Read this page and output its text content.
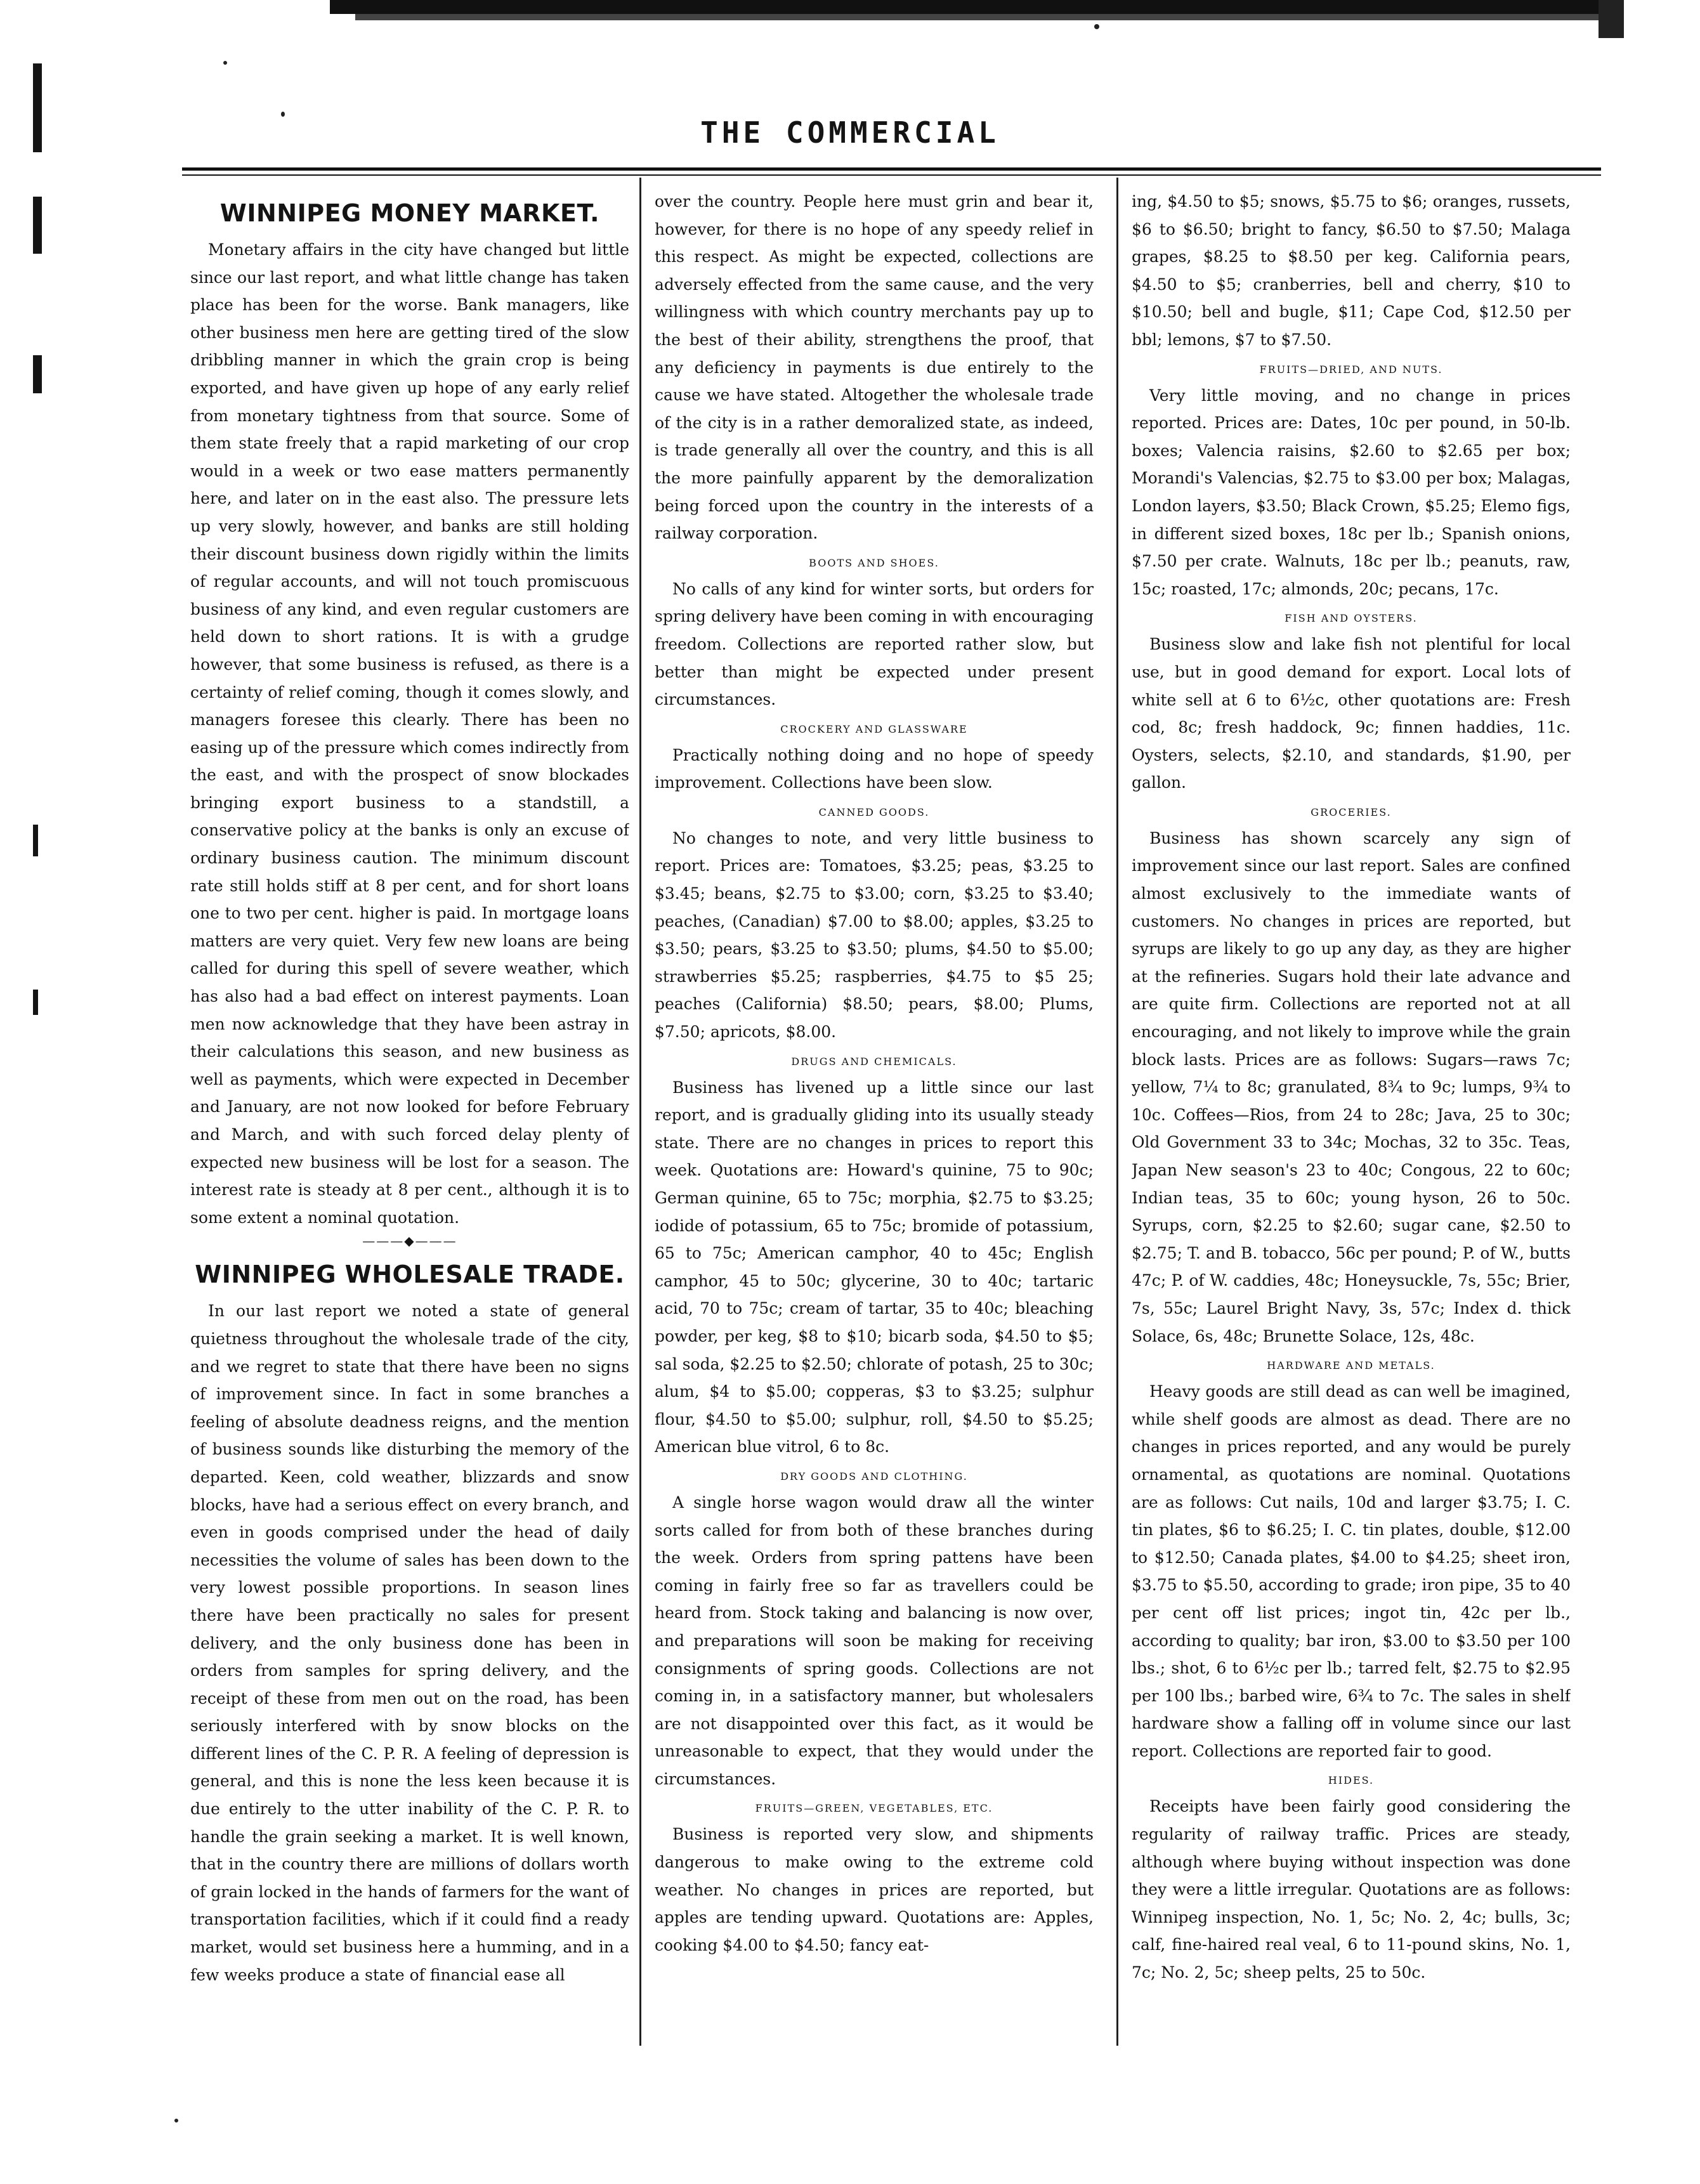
THE COMMERCIAL
WINNIPEG MONEY MARKET.

Monetary affairs in the city have changed but little since our last report, and what little change has taken place has been for the worse. Bank managers, like other business men here are getting tired of the slow dribbling manner in which the grain crop is being exported, and have given up hope of any early relief from monetary tightness from that source. Some of them state freely that a rapid marketing of our crop would in a week or two ease matters permanently here, and later on in the east also. The pressure lets up very slowly, however, and banks are still holding their discount business down rigidly within the limits of regular accounts, and will not touch promiscuous business of any kind, and even regular customers are held down to short rations. It is with a grudge however, that some business is refused, as there is a certainty of relief coming, though it comes slowly, and managers foresee this clearly. There has been no easing up of the pressure which comes indirectly from the east, and with the prospect of snow blockades bringing export business to a standstill, a conservative policy at the banks is only an excuse of ordinary business caution. The minimum discount rate still holds stiff at 8 per cent, and for short loans one to two per cent. higher is paid. In mortgage loans matters are very quiet. Very few new loans are being called for during this spell of severe weather, which has also had a bad effect on interest payments. Loan men now acknowledge that they have been astray in their calculations this season, and new business as well as payments, which were expected in December and January, are not now looked for before February and March, and with such forced delay plenty of expected new business will be lost for a season. The interest rate is steady at 8 per cent., although it is to some extent a nominal quotation.

———◆———
WINNIPEG WHOLESALE TRADE.

In our last report we noted a state of general quietness throughout the wholesale trade of the city, and we regret to state that there have been no signs of improvement since. In fact in some branches a feeling of absolute deadness reigns, and the mention of business sounds like disturbing the memory of the departed. Keen, cold weather, blizzards and snow blocks, have had a serious effect on every branch, and even in goods comprised under the head of daily necessities the volume of sales has been down to the very lowest possible proportions. In season lines there have been practically no sales for present delivery, and the only business done has been in orders from samples for spring delivery, and the receipt of these from men out on the road, has been seriously interfered with by snow blocks on the different lines of the C. P. R. A feeling of depression is general, and this is none the less keen because it is due entirely to the utter inability of the C. P. R. to handle the grain seeking a market. It is well known, that in the country there are millions of dollars worth of grain locked in the hands of farmers for the want of transportation facilities, which if it could find a ready market, would set business here a humming, and in a few weeks produce a state of financial ease all

over the country. People here must grin and bear it, however, for there is no hope of any speedy relief in this respect. As might be expected, collections are adversely effected from the same cause, and the very willingness with which country merchants pay up to the best of their ability, strengthens the proof, that any deficiency in payments is due entirely to the cause we have stated. Altogether the wholesale trade of the city is in a rather demoralized state, as indeed, is trade generally all over the country, and this is all the more painfully apparent by the demoralization being forced upon the country in the interests of a railway corporation.

BOOTS AND SHOES.

No calls of any kind for winter sorts, but orders for spring delivery have been coming in with encouraging freedom. Collections are reported rather slow, but better than might be expected under present circumstances.

CROCKERY AND GLASSWARE

Practically nothing doing and no hope of speedy improvement. Collections have been slow.

CANNED GOODS.

No changes to note, and very little business to report. Prices are: Tomatoes, $3.25; peas, $3.25 to $3.45; beans, $2.75 to $3.00; corn, $3.25 to $3.40; peaches, (Canadian) $7.00 to $8.00; apples, $3.25 to $3.50; pears, $3.25 to $3.50; plums, $4.50 to $5.00; strawberries $5.25; raspberries, $4.75 to $5 25; peaches (California) $8.50; pears, $8.00; Plums, $7.50; apricots, $8.00.

DRUGS AND CHEMICALS.

Business has livened up a little since our last report, and is gradually gliding into its usually steady state. There are no changes in prices to report this week. Quotations are: Howard's quinine, 75 to 90c; German quinine, 65 to 75c; morphia, $2.75 to $3.25; iodide of potassium, 65 to 75c; bromide of potassium, 65 to 75c; American camphor, 40 to 45c; English camphor, 45 to 50c; glycerine, 30 to 40c; tartaric acid, 70 to 75c; cream of tartar, 35 to 40c; bleaching powder, per keg, $8 to $10; bicarb soda, $4.50 to $5; sal soda, $2.25 to $2.50; chlorate of potash, 25 to 30c; alum, $4 to $5.00; copperas, $3 to $3.25; sulphur flour, $4.50 to $5.00; sulphur, roll, $4.50 to $5.25; American blue vitrol, 6 to 8c.

DRY GOODS AND CLOTHING.

A single horse wagon would draw all the winter sorts called for from both of these branches during the week. Orders from spring pattens have been coming in fairly free so far as travellers could be heard from. Stock taking and balancing is now over, and preparations will soon be making for receiving consignments of spring goods. Collections are not coming in, in a satisfactory manner, but wholesalers are not disappointed over this fact, as it would be unreasonable to expect, that they would under the circumstances.

FRUITS—GREEN, VEGETABLES, ETC.

Business is reported very slow, and shipments dangerous to make owing to the extreme cold weather. No changes in prices are reported, but apples are tending upward. Quotations are: Apples, cooking $4.00 to $4.50; fancy eat-

ing, $4.50 to $5; snows, $5.75 to $6; oranges, russets, $6 to $6.50; bright to fancy, $6.50 to $7.50; Malaga grapes, $8.25 to $8.50 per keg. California pears, $4.50 to $5; cranberries, bell and cherry, $10 to $10.50; bell and bugle, $11; Cape Cod, $12.50 per bbl; lemons, $7 to $7.50.

FRUITS—DRIED, AND NUTS.

Very little moving, and no change in prices reported. Prices are: Dates, 10c per pound, in 50-lb. boxes; Valencia raisins, $2.60 to $2.65 per box; Morandi's Valencias, $2.75 to $3.00 per box; Malagas, London layers, $3.50; Black Crown, $5.25; Elemo figs, in different sized boxes, 18c per lb.; Spanish onions, $7.50 per crate. Walnuts, 18c per lb.; peanuts, raw, 15c; roasted, 17c; almonds, 20c; pecans, 17c.

FISH AND OYSTERS.

Business slow and lake fish not plentiful for local use, but in good demand for export. Local lots of white sell at 6 to 6½c, other quotations are: Fresh cod, 8c; fresh haddock, 9c; finnen haddies, 11c. Oysters, selects, $2.10, and standards, $1.90, per gallon.

GROCERIES.

Business has shown scarcely any sign of improvement since our last report. Sales are confined almost exclusively to the immediate wants of customers. No changes in prices are reported, but syrups are likely to go up any day, as they are higher at the refineries. Sugars hold their late advance and are quite firm. Collections are reported not at all encouraging, and not likely to improve while the grain block lasts. Prices are as follows: Sugars—raws 7c; yellow, 7¼ to 8c; granulated, 8¾ to 9c; lumps, 9¾ to 10c. Coffees—Rios, from 24 to 28c; Java, 25 to 30c; Old Government 33 to 34c; Mochas, 32 to 35c. Teas, Japan New season's 23 to 40c; Congous, 22 to 60c; Indian teas, 35 to 60c; young hyson, 26 to 50c. Syrups, corn, $2.25 to $2.60; sugar cane, $2.50 to $2.75; T. and B. tobacco, 56c per pound; P. of W., butts 47c; P. of W. caddies, 48c; Honeysuckle, 7s, 55c; Brier, 7s, 55c; Laurel Bright Navy, 3s, 57c; Index d. thick Solace, 6s, 48c; Brunette Solace, 12s, 48c.

HARDWARE AND METALS.

Heavy goods are still dead as can well be imagined, while shelf goods are almost as dead. There are no changes in prices reported, and any would be purely ornamental, as quotations are nominal. Quotations are as follows: Cut nails, 10d and larger $3.75; I. C. tin plates, $6 to $6.25; I. C. tin plates, double, $12.00 to $12.50; Canada plates, $4.00 to $4.25; sheet iron, $3.75 to $5.50, according to grade; iron pipe, 35 to 40 per cent off list prices; ingot tin, 42c per lb., according to quality; bar iron, $3.00 to $3.50 per 100 lbs.; shot, 6 to 6½c per lb.; tarred felt, $2.75 to $2.95 per 100 lbs.; barbed wire, 6¾ to 7c. The sales in shelf hardware show a falling off in volume since our last report. Collections are reported fair to good.

HIDES.

Receipts have been fairly good considering the regularity of railway traffic. Prices are steady, although where buying without inspection was done they were a little irregular. Quotations are as follows: Winnipeg inspection, No. 1, 5c; No. 2, 4c; bulls, 3c; calf, fine-haired real veal, 6 to 11-pound skins, No. 1, 7c; No. 2, 5c; sheep pelts, 25 to 50c.
